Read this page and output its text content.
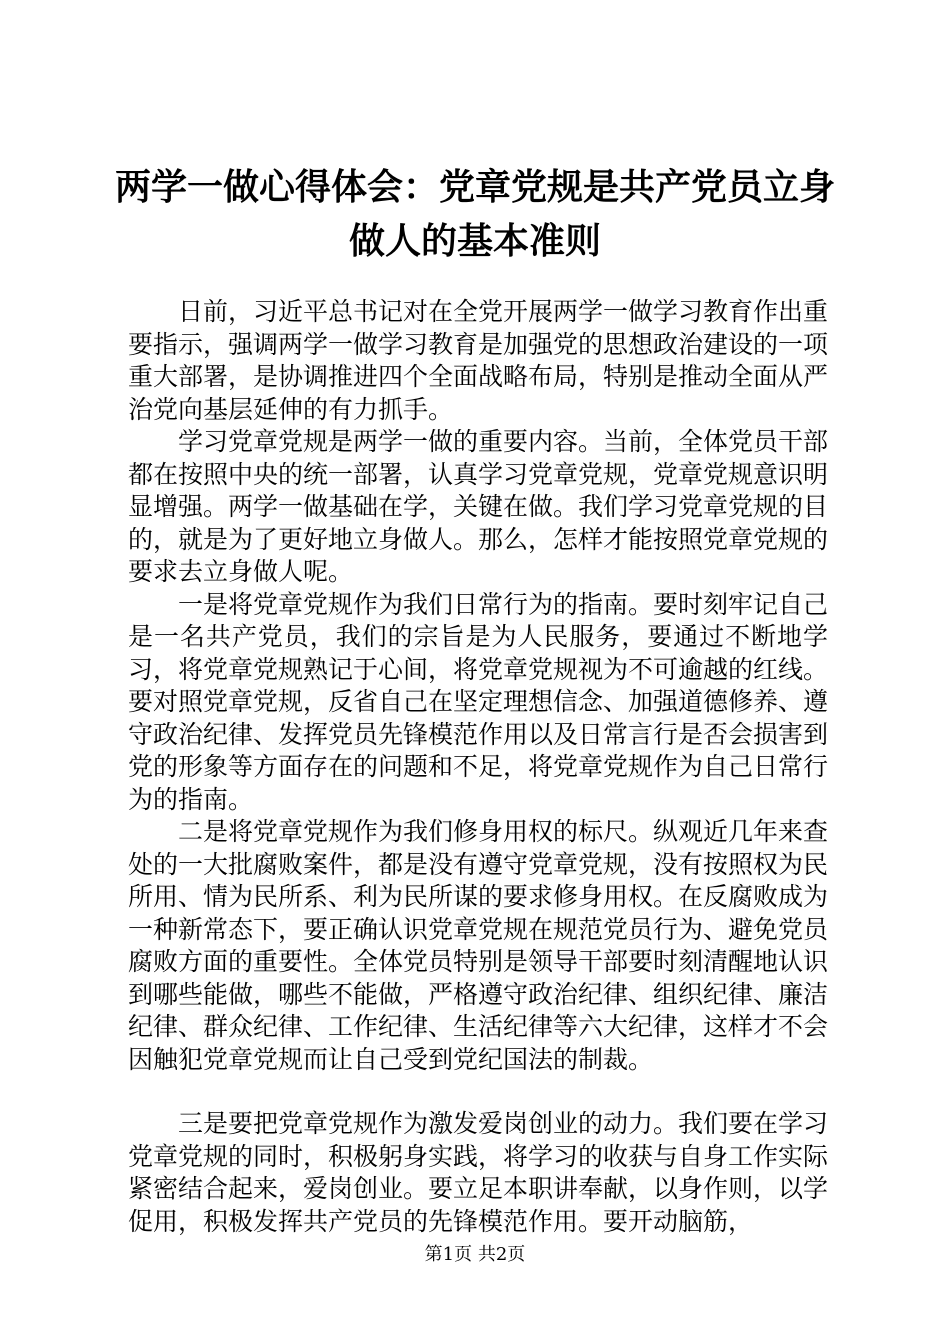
两学一做心得体会：党章党规是共产党员立身
做人的基本准则

日前，习近平总书记对在全党开展两学一做学习教育作出重要指示，强调两学一做学习教育是加强党的思想政治建设的一项重大部署，是协调推进四个全面战略布局，特别是推动全面从严治党向基层延伸的有力抓手。

学习党章党规是两学一做的重要内容。当前，全体党员干部都在按照中央的统一部署，认真学习党章党规，党章党规意识明显增强。两学一做基础在学，关键在做。我们学习党章党规的目的，就是为了更好地立身做人。那么，怎样才能按照党章党规的要求去立身做人呢。

一是将党章党规作为我们日常行为的指南。要时刻牢记自己是一名共产党员，我们的宗旨是为人民服务，要通过不断地学习，将党章党规熟记于心间，将党章党规视为不可逾越的红线。要对照党章党规，反省自己在坚定理想信念、加强道德修养、遵守政治纪律、发挥党员先锋模范作用以及日常言行是否会损害到党的形象等方面存在的问题和不足，将党章党规作为自己日常行为的指南。

二是将党章党规作为我们修身用权的标尺。纵观近几年来查处的一大批腐败案件，都是没有遵守党章党规，没有按照权为民所用、情为民所系、利为民所谋的要求修身用权。在反腐败成为一种新常态下，要正确认识党章党规在规范党员行为、避免党员腐败方面的重要性。全体党员特别是领导干部要时刻清醒地认识到哪些能做，哪些不能做，严格遵守政治纪律、组织纪律、廉洁纪律、群众纪律、工作纪律、生活纪律等六大纪律，这样才不会因触犯党章党规而让自己受到党纪国法的制裁。

三是要把党章党规作为激发爱岗创业的动力。我们要在学习党章党规的同时，积极躬身实践，将学习的收获与自身工作实际紧密结合起来，爱岗创业。要立足本职讲奉献，以身作则，以学促用，积极发挥共产党员的先锋模范作用。要开动脑筋，

第1页 共2页
